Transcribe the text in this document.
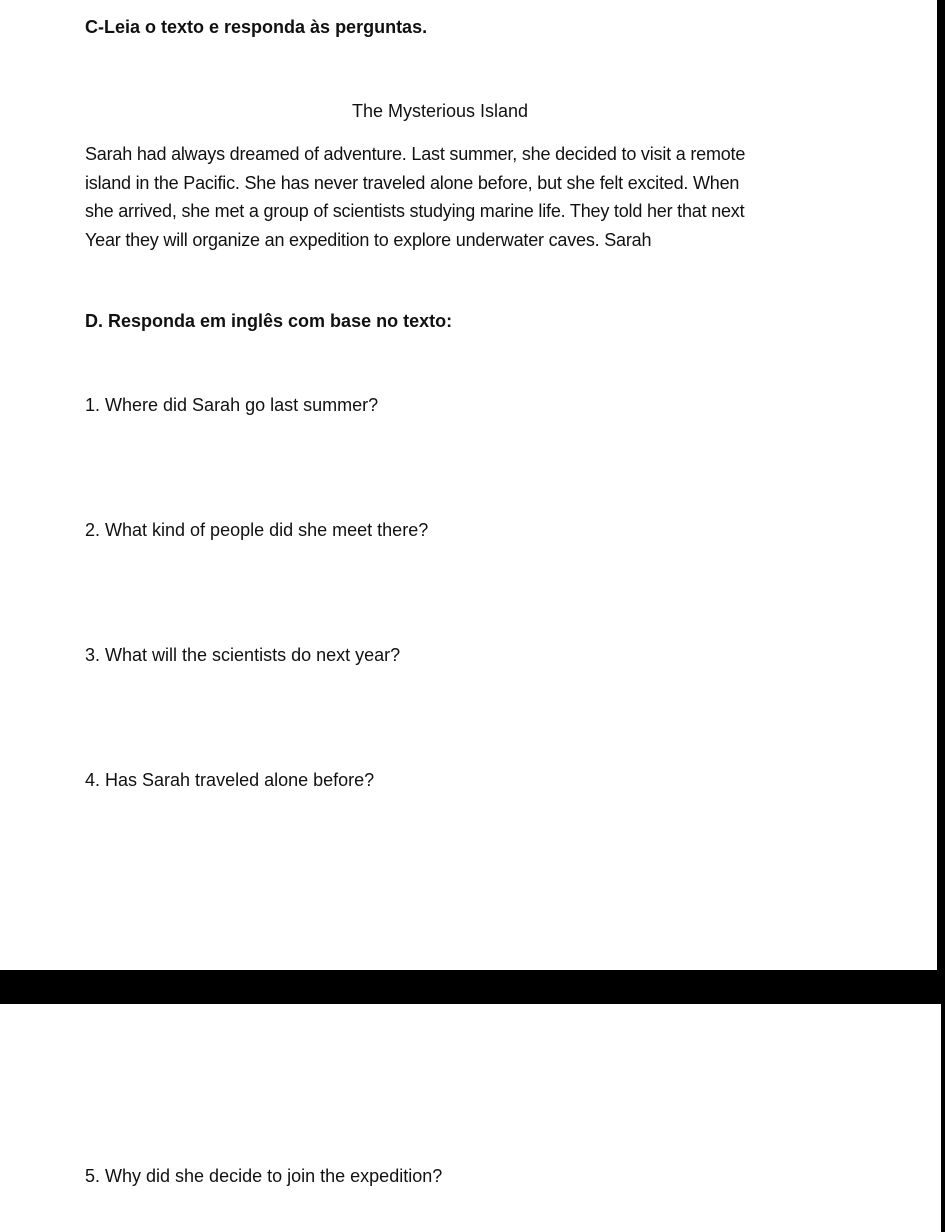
C-Leia o texto e responda às perguntas.
The Mysterious Island
Sarah had always dreamed of adventure. Last summer, she decided to visit a remote
island in the Pacific. She has never traveled alone before, but she felt excited. When
she arrived, she met a group of scientists studying marine life. They told her that next
Year they will organize an expedition to explore underwater caves. Sarah
D. Responda em inglês com base no texto:
1. Where did Sarah go last summer?
2. What kind of people did she meet there?
3. What will the scientists do next year?
4. Has Sarah traveled alone before?
5. Why did she decide to join the expedition?
